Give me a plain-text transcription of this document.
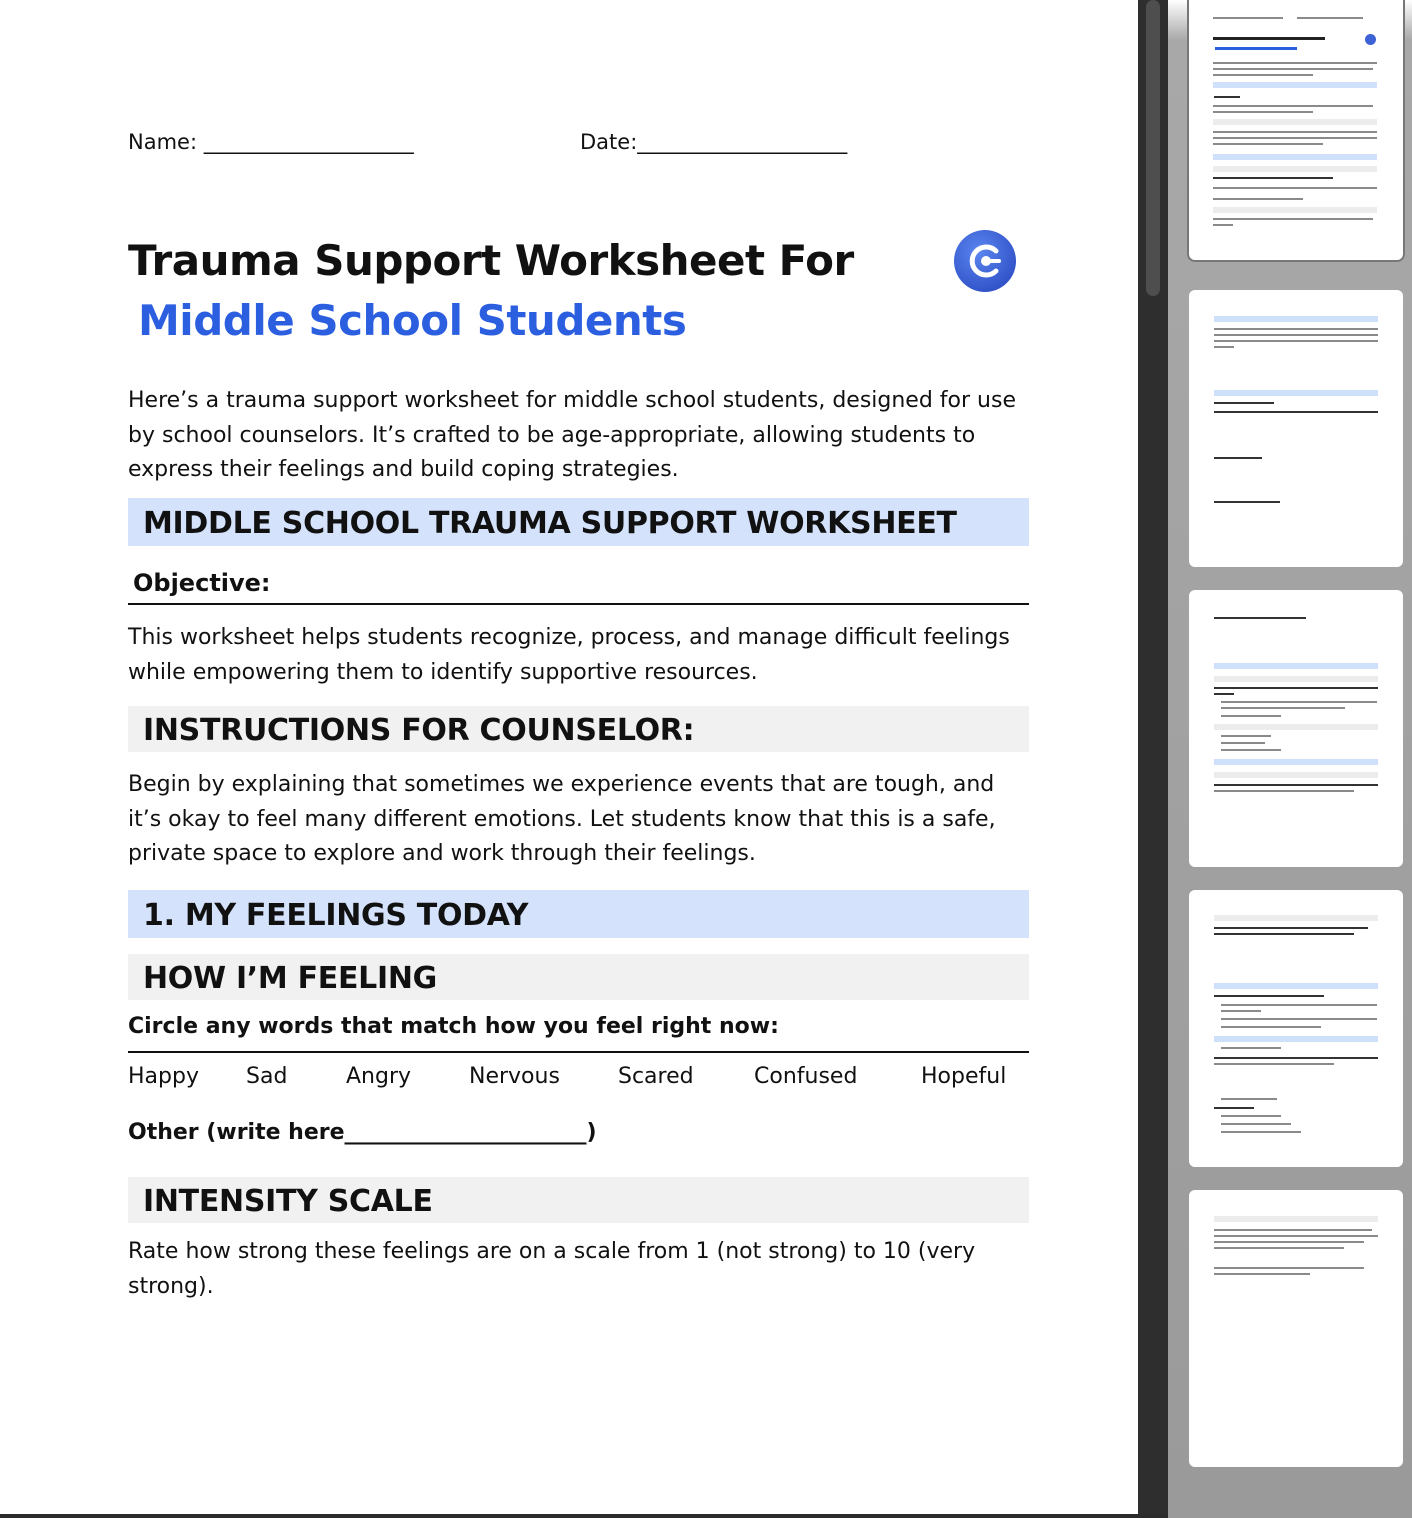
Name: ____________________	Date:____________________
Trauma Support Worksheet For
Middle School Students
Here’s a trauma support worksheet for middle school students, designed for use by school counselors. It’s crafted to be age-appropriate, allowing students to express their feelings and build coping strategies.
MIDDLE SCHOOL TRAUMA SUPPORT WORKSHEET
Objective:
This worksheet helps students recognize, process, and manage difficult feelings while empowering them to identify supportive resources.
INSTRUCTIONS FOR COUNSELOR:
Begin by explaining that sometimes we experience events that are tough, and it’s okay to feel many different emotions. Let students know that this is a safe, private space to explore and work through their feelings.
1. MY FEELINGS TODAY
HOW I’M FEELING
Circle any words that match how you feel right now:
Happy Sad	Angry	Nervous	Scared	Confused	Hopeful
Other (write here______________________)
INTENSITY SCALE
Rate how strong these feelings are on a scale from 1 (not strong) to 10 (very strong).
